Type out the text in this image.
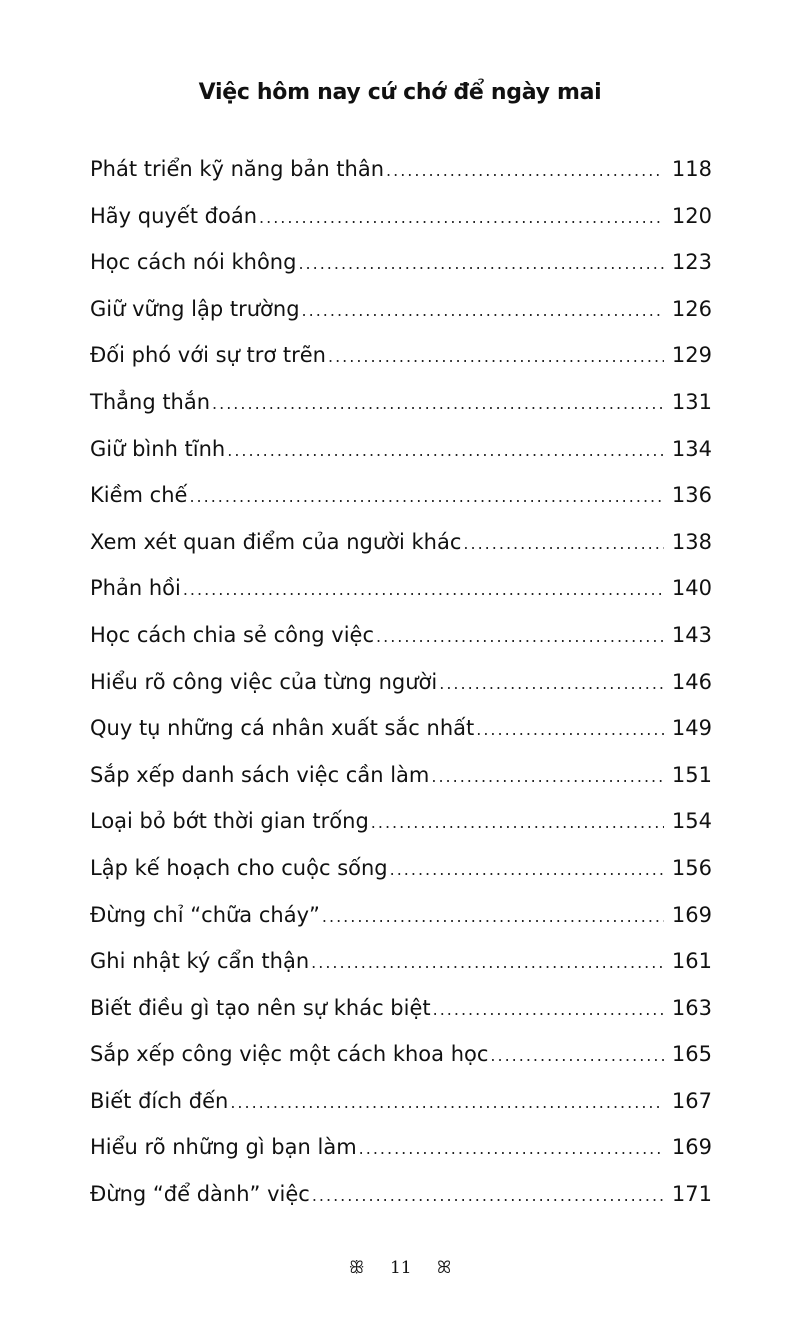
Việc hôm nay cứ chớ để ngày mai
Phát triển kỹ năng bản thân .....	118
Hãy quyết đoán .....	120
Học cách nói không .....	123
Giữ vững lập trường .....	126
Đối phó với sự trơ trẽn .....	129
Thẳng thắn .....	131
Giữ bình tĩnh .....	134
Kiềm chế .....	136
Xem xét quan điểm của người khác .....	138
Phản hồi .....	140
Học cách chia sẻ công việc .....	143
Hiểu rõ công việc của từng người .....	146
Quy tụ những cá nhân xuất sắc nhất .....	149
Sắp xếp danh sách việc cần làm .....	151
Loại bỏ bớt thời gian trống .....	154
Lập kế hoạch cho cuộc sống .....	156
Đừng chỉ “chữa cháy” .....	169
Ghi nhật ký cẩn thận .....	161
Biết điều gì tạo nên sự khác biệt .....	163
Sắp xếp công việc một cách khoa học .....	165
Biết đích đến .....	167
Hiểu rõ những gì bạn làm .....	169
Đừng “để dành” việc .....	171
ꕥ 11 ꕤ
